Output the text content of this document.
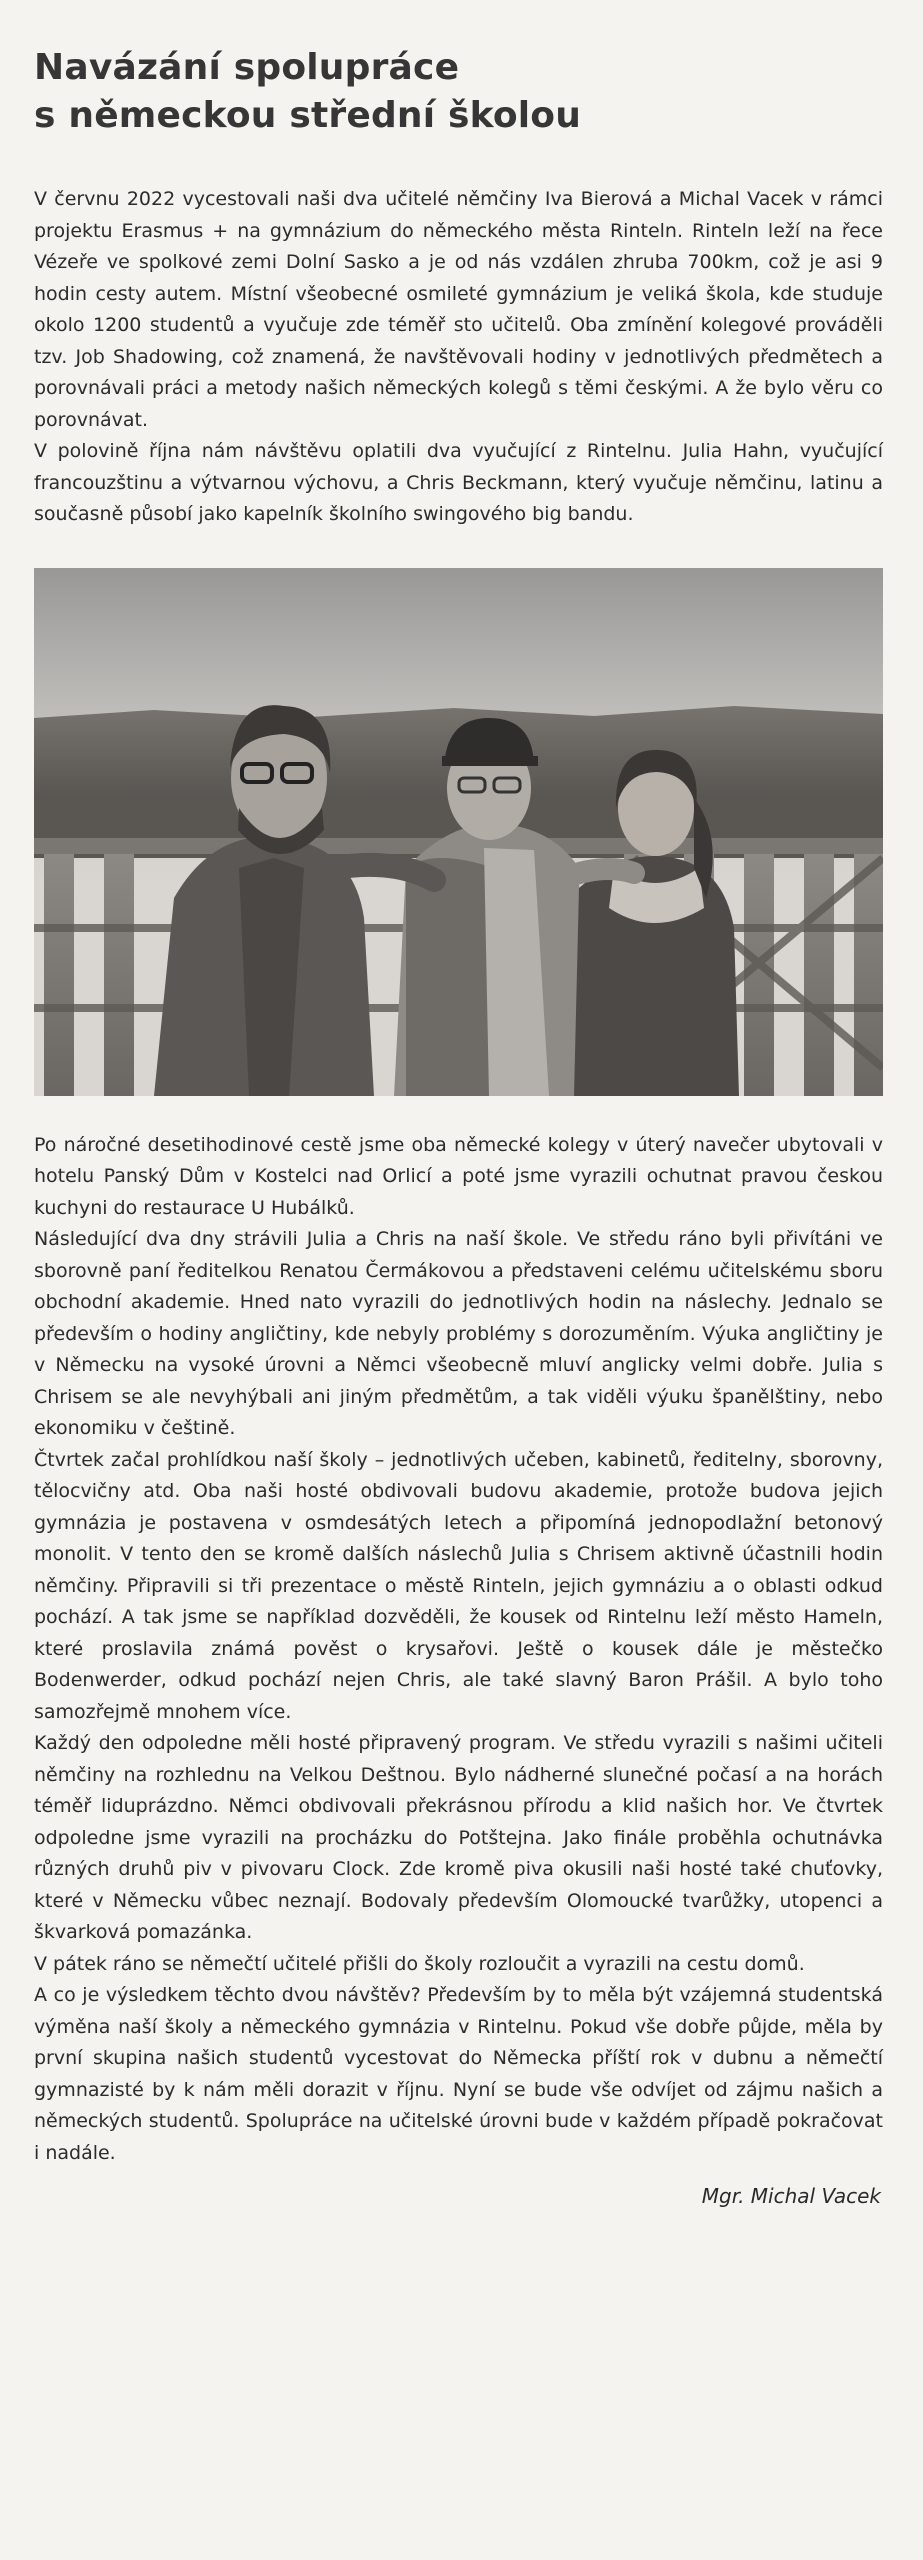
Navázání spolupráce
s německou střední školou

V červnu 2022 vycestovali naši dva učitelé němčiny Iva Bierová a Michal Vacek v rámci projektu Erasmus + na gymnázium do německého města Rinteln. Rinteln leží na řece Vézeře ve spolkové zemi Dolní Sasko a je od nás vzdálen zhruba 700km, což je asi 9 hodin cesty autem. Místní všeobecné osmileté gymnázium je veliká škola, kde studuje okolo 1200 studentů a vyučuje zde téměř sto učitelů. Oba zmínění kolegové prováděli tzv. Job Shadowing, což znamená, že navštěvovali hodiny v jednotlivých předmětech a porovnávali práci a metody našich německých kolegů s těmi českými. A že bylo věru co porovnávat.

V polovině října nám návštěvu oplatili dva vyučující z Rintelnu. Julia Hahn, vyučující francouzštinu a výtvarnou výchovu, a Chris Beckmann, který vyučuje němčinu, latinu a současně působí jako kapelník školního swingového big bandu.

Po náročné desetihodinové cestě jsme oba německé kolegy v úterý navečer ubytovali v hotelu Panský Dům v Kostelci nad Orlicí a poté jsme vyrazili ochutnat pravou českou kuchyni do restaurace U Hubálků.

Následující dva dny strávili Julia a Chris na naší škole. Ve středu ráno byli přivítáni ve sborovně paní ředitelkou Renatou Čermákovou a představeni celému učitelskému sboru obchodní akademie. Hned nato vyrazili do jednotlivých hodin na náslechy. Jednalo se především o hodiny angličtiny, kde nebyly problémy s dorozuměním. Výuka angličtiny je v Německu na vysoké úrovni a Němci všeobecně mluví anglicky velmi dobře. Julia s Chrisem se ale nevyhýbali ani jiným předmětům, a tak viděli výuku španělštiny, nebo ekonomiku v češtině.

Čtvrtek začal prohlídkou naší školy – jednotlivých učeben, kabinetů, ředitelny, sborovny, tělocvičny atd. Oba naši hosté obdivovali budovu akademie, protože budova jejich gymnázia je postavena v osmdesátých letech a připomíná jednopodlažní betonový monolit. V tento den se kromě dalších náslechů Julia s Chrisem aktivně účastnili hodin němčiny. Připravili si tři prezentace o městě Rinteln, jejich gymnáziu a o oblasti odkud pochází. A tak jsme se například dozvěděli, že kousek od Rintelnu leží město Hameln, které proslavila známá pověst o krysařovi. Ještě o kousek dále je městečko Bodenwerder, odkud pochází nejen Chris, ale také slavný Baron Prášil. A bylo toho samozřejmě mnohem více.

Každý den odpoledne měli hosté připravený program. Ve středu vyrazili s našimi učiteli němčiny na rozhlednu na Velkou Deštnou. Bylo nádherné slunečné počasí a na horách téměř liduprázdno. Němci obdivovali překrásnou přírodu a klid našich hor. Ve čtvrtek odpoledne jsme vyrazili na procházku do Potštejna. Jako finále proběhla ochutnávka různých druhů piv v pivovaru Clock. Zde kromě piva okusili naši hosté také chuťovky, které v Německu vůbec neznají. Bodovaly především Olomoucké tvarůžky, utopenci a škvarková pomazánka.

V pátek ráno se němečtí učitelé přišli do školy rozloučit a vyrazili na cestu domů.

A co je výsledkem těchto dvou návštěv? Především by to měla být vzájemná studentská výměna naší školy a německého gymnázia v Rintelnu. Pokud vše dobře půjde, měla by první skupina našich studentů vycestovat do Německa příští rok v dubnu a němečtí gymnazisté by k nám měli dorazit v říjnu. Nyní se bude vše odvíjet od zájmu našich a německých studentů. Spolupráce na učitelské úrovni bude v každém případě pokračovat i nadále.

Mgr. Michal Vacek
